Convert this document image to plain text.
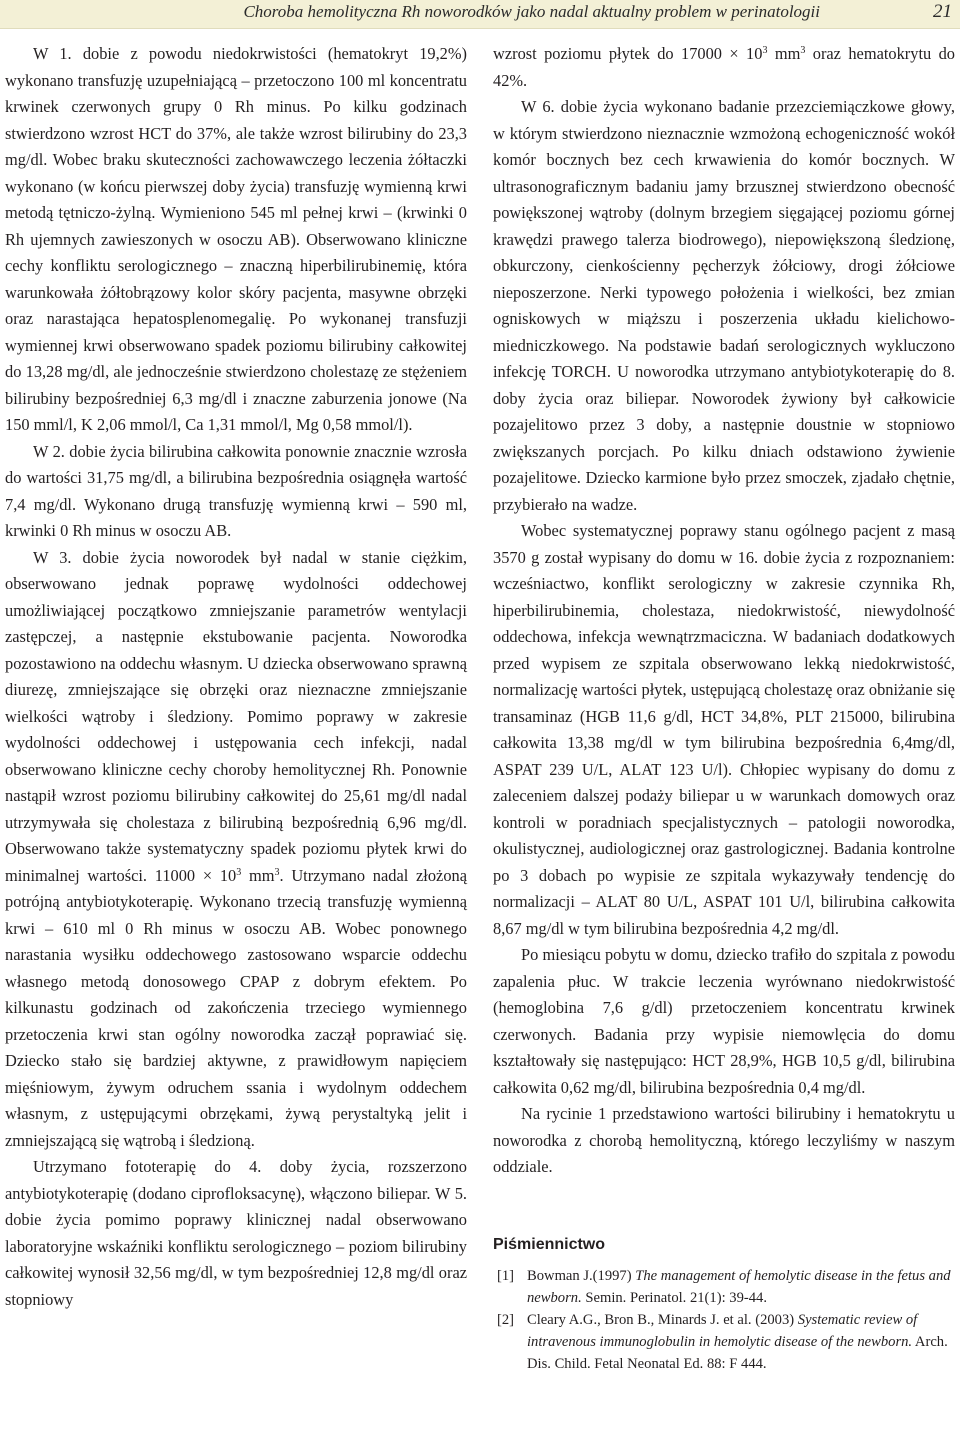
Choroba hemolityczna Rh noworodków jako nadal aktualny problem w perinatologii	21

W 1. dobie z powodu niedokrwistości (hematokryt 19,2%) wykonano transfuzję uzupełniającą – przetoczono 100 ml koncentratu krwinek czerwonych grupy 0 Rh minus. Po kilku godzinach stwierdzono wzrost HCT do 37%, ale także wzrost bilirubiny do 23,3 mg/dl. Wobec braku skuteczności zachowawczego leczenia żółtaczki wykonano (w końcu pierwszej doby życia) transfuzję wymienną krwi metodą tętniczo-żylną. Wymieniono 545 ml pełnej krwi – (krwinki 0 Rh ujemnych zawieszonych w osoczu AB). Obserwowano kliniczne cechy konfliktu serologicznego – znaczną hiperbilirubinemię, która warunkowała żółtobrązowy kolor skóry pacjenta, masywne obrzęki oraz narastająca hepatosplenomegalię. Po wykonanej transfuzji wymiennej krwi obserwowano spadek poziomu bilirubiny całkowitej do 13,28 mg/dl, ale jednocześnie stwierdzono cholestazę ze stężeniem bilirubiny bezpośredniej 6,3 mg/dl i znaczne zaburzenia jonowe (Na 150 mml/l, K 2,06 mmol/l, Ca 1,31 mmol/l, Mg 0,58 mmol/l).

W 2. dobie życia bilirubina całkowita ponownie znacznie wzrosła do wartości 31,75 mg/dl, a bilirubina bezpośrednia osiągnęła wartość 7,4 mg/dl. Wykonano drugą transfuzję wymienną krwi – 590 ml, krwinki 0 Rh minus w osoczu AB.

W 3. dobie życia noworodek był nadal w stanie ciężkim, obserwowano jednak poprawę wydolności oddechowej umożliwiającej początkowo zmniejszanie parametrów wentylacji zastępczej, a następnie ekstubowanie pacjenta. Noworodka pozostawiono na oddechu własnym. U dziecka obserwowano sprawną diurezę, zmniejszające się obrzęki oraz nieznaczne zmniejszanie wielkości wątroby i śledziony. Pomimo poprawy w zakresie wydolności oddechowej i ustępowania cech infekcji, nadal obserwowano kliniczne cechy choroby hemolitycznej Rh. Ponownie nastąpił wzrost poziomu bilirubiny całkowitej do 25,61 mg/dl nadal utrzymywała się cholestaza z bilirubiną bezpośrednią 6,96 mg/dl. Obserwowano także systematyczny spadek poziomu płytek krwi do minimalnej wartości. $11000 \times 10^3$ $mm^3$. Utrzymano nadal złożoną potrójną antybiotykoterapię. Wykonano trzecią transfuzję wymienną krwi – 610 ml 0 Rh minus w osoczu AB. Wobec ponownego narastania wysiłku oddechowego zastosowano wsparcie oddechu własnego metodą donosowego CPAP z dobrym efektem. Po kilkunastu godzinach od zakończenia trzeciego wymiennego przetoczenia krwi stan ogólny noworodka zaczął poprawiać się. Dziecko stało się bardziej aktywne, z prawidłowym napięciem mięśniowym, żywym odruchem ssania i wydolnym oddechem własnym, z ustępującymi obrzękami, żywą perystaltyką jelit i zmniejszającą się wątrobą i śledzioną.

Utrzymano fototerapię do 4. doby życia, rozszerzono antybiotykoterapię (dodano ciprofloksacynę), włączono biliepar. W 5. dobie życia pomimo poprawy klinicznej nadal obserwowano laboratoryjne wskaźniki konfliktu serologicznego – poziom bilirubiny całkowitej wynosił 32,56 mg/dl, w tym bezpośredniej 12,8 mg/dl oraz stopniowy

wzrost poziomu płytek do $17000 \times 10^3$ $mm^3$ oraz hematokrytu do 42%.

W 6. dobie życia wykonano badanie przezciemiączkowe głowy, w którym stwierdzono nieznacznie wzmożoną echogeniczność wokół komór bocznych bez cech krwawienia do komór bocznych. W ultrasonograficznym badaniu jamy brzusznej stwierdzono obecność powiększonej wątroby (dolnym brzegiem sięgającej poziomu górnej krawędzi prawego talerza biodrowego), niepowiększoną śledzionę, obkurczony, cienkościenny pęcherzyk żółciowy, drogi żółciowe nieposzerzone. Nerki typowego położenia i wielkości, bez zmian ogniskowych w miąższu i poszerzenia układu kielichowo-miedniczkowego. Na podstawie badań serologicznych wykluczono infekcję TORCH. U noworodka utrzymano antybiotykoterapię do 8. doby życia oraz biliepar. Noworodek żywiony był całkowicie pozajelitowo przez 3 doby, a następnie doustnie w stopniowo zwiększanych porcjach. Po kilku dniach odstawiono żywienie pozajelitowe. Dziecko karmione było przez smoczek, zjadało chętnie, przybierało na wadze.

Wobec systematycznej poprawy stanu ogólnego pacjent z masą 3570 g został wypisany do domu w 16. dobie życia z rozpoznaniem: wcześniactwo, konflikt serologiczny w zakresie czynnika Rh, hiperbilirubinemia, cholestaza, niedokrwistość, niewydolność oddechowa, infekcja wewnątrzmaciczna. W badaniach dodatkowych przed wypisem ze szpitala obserwowano lekką niedokrwistość, normalizację wartości płytek, ustępującą cholestazę oraz obniżanie się transaminaz (HGB 11,6 g/dl, HCT 34,8%, PLT 215000, bilirubina całkowita 13,38 mg/dl w tym bilirubina bezpośrednia 6,4mg/dl, ASPAT 239 U/L, ALAT 123 U/l). Chłopiec wypisany do domu z zaleceniem dalszej podaży biliepar u w warunkach domowych oraz kontroli w poradniach specjalistycznych – patologii noworodka, okulistycznej, audiologicznej oraz gastrologicznej. Badania kontrolne po 3 dobach po wypisie ze szpitala wykazywały tendencję do normalizacji – ALAT 80 U/L, ASPAT 101 U/l, bilirubina całkowita 8,67 mg/dl w tym bilirubina bezpośrednia 4,2 mg/dl.

Po miesiącu pobytu w domu, dziecko trafiło do szpitala z powodu zapalenia płuc. W trakcie leczenia wyrównano niedokrwistość (hemoglobina 7,6 g/dl) przetoczeniem koncentratu krwinek czerwonych. Badania przy wypisie niemowlęcia do domu kształtowały się następująco: HCT 28,9%, HGB 10,5 g/dl, bilirubina całkowita 0,62 mg/dl, bilirubina bezpośrednia 0,4 mg/dl.

Na rycinie 1 przedstawiono wartości bilirubiny i hematokrytu u noworodka z chorobą hemolityczną, którego leczyliśmy w naszym oddziale.

Piśmiennictwo
[1] Bowman J.(1997) The management of hemolytic disease in the fetus and newborn. Semin. Perinatol. 21(1): 39-44.
[2] Cleary A.G., Bron B., Minards J. et al. (2003) Systematic review of intravenous immunoglobulin in hemolytic disease of the newborn. Arch. Dis. Child. Fetal Neonatal Ed. 88: F 444.
